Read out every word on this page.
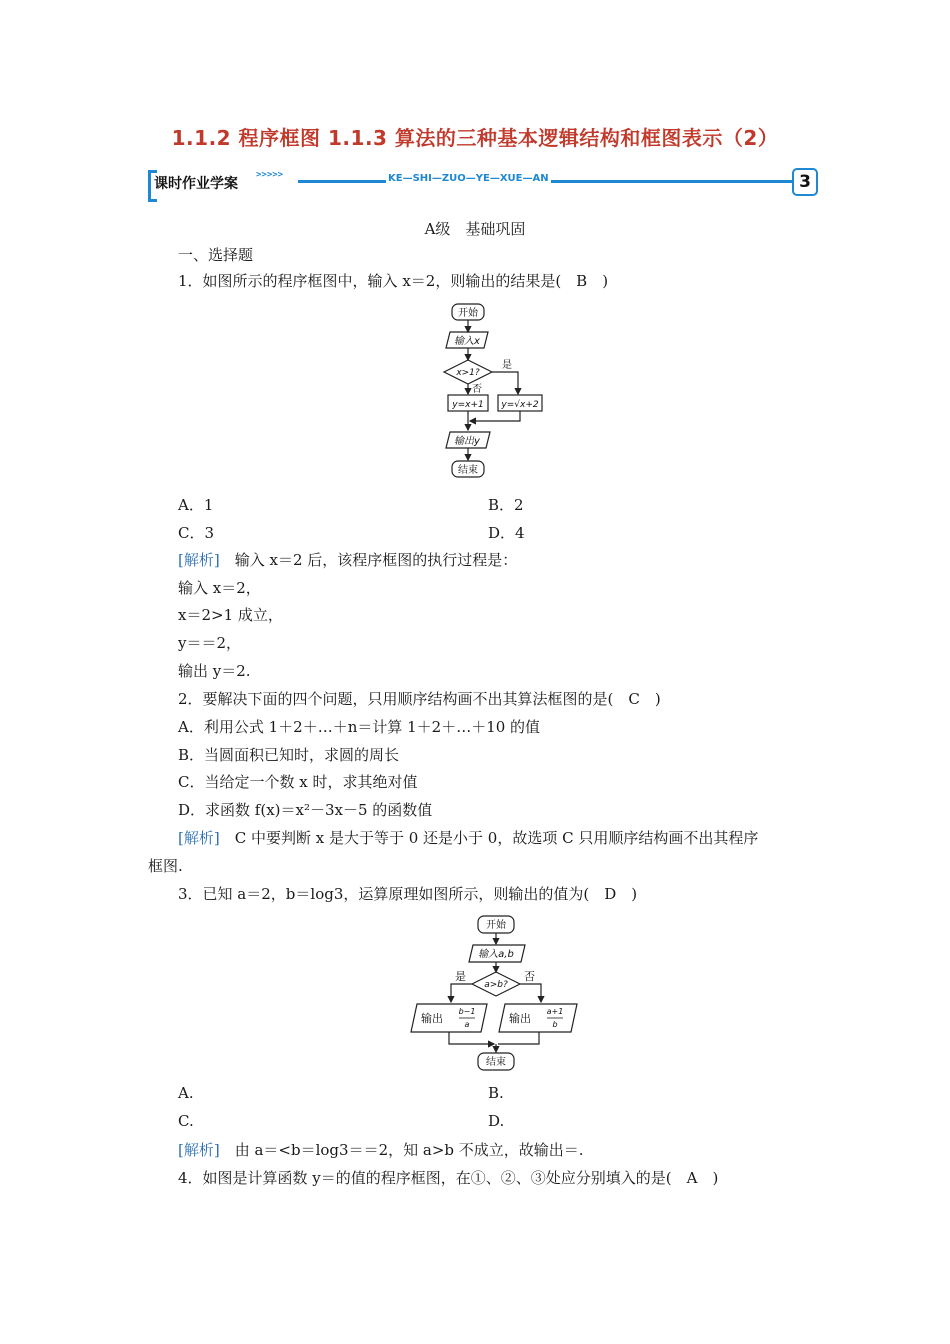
1.1.2 程序框图 1.1.3 算法的三种基本逻辑结构和框图表示（2）
课时作业学案
>>>>>	KE—SHI—ZUO—YE—XUE—AN	3
A级　基础巩固
一、选择题
1．如图所示的程序框图中，输入 x＝2，则输出的结果是(　B　)
开始
输入x
x>1?
是
否
y=x+1 y=√x+2
输出y
结束
A．1	B．2
C．3	D．4
[解析]　输入 x＝2 后，该程序框图的执行过程是：
输入 x＝2，
x＝2>1 成立，
y＝＝2，
输出 y＝2.
2．要解决下面的四个问题，只用顺序结构画不出其算法框图的是(　C　)
A．利用公式 1＋2＋…＋n＝计算 1＋2＋…＋10 的值
B．当圆面积已知时，求圆的周长
C．当给定一个数 x 时，求其绝对值
D．求函数 f(x)＝x²－3x－5 的函数值
[解析]　C 中要判断 x 是大于等于 0 还是小于 0，故选项 C 只用顺序结构画不出其程序
框图.
3．已知 a＝2，b＝log3，运算原理如图所示，则输出的值为(　D　)
开始
输入a,b
a>b?
是	否
输出
b−1
a	输出
a+1
b
结束
A.	B.
C.	D.
[解析]　由 a＝<b＝log3＝＝2，知 a>b 不成立，故输出＝.
4．如图是计算函数 y＝的值的程序框图，在①、②、③处应分别填入的是(　A　)
